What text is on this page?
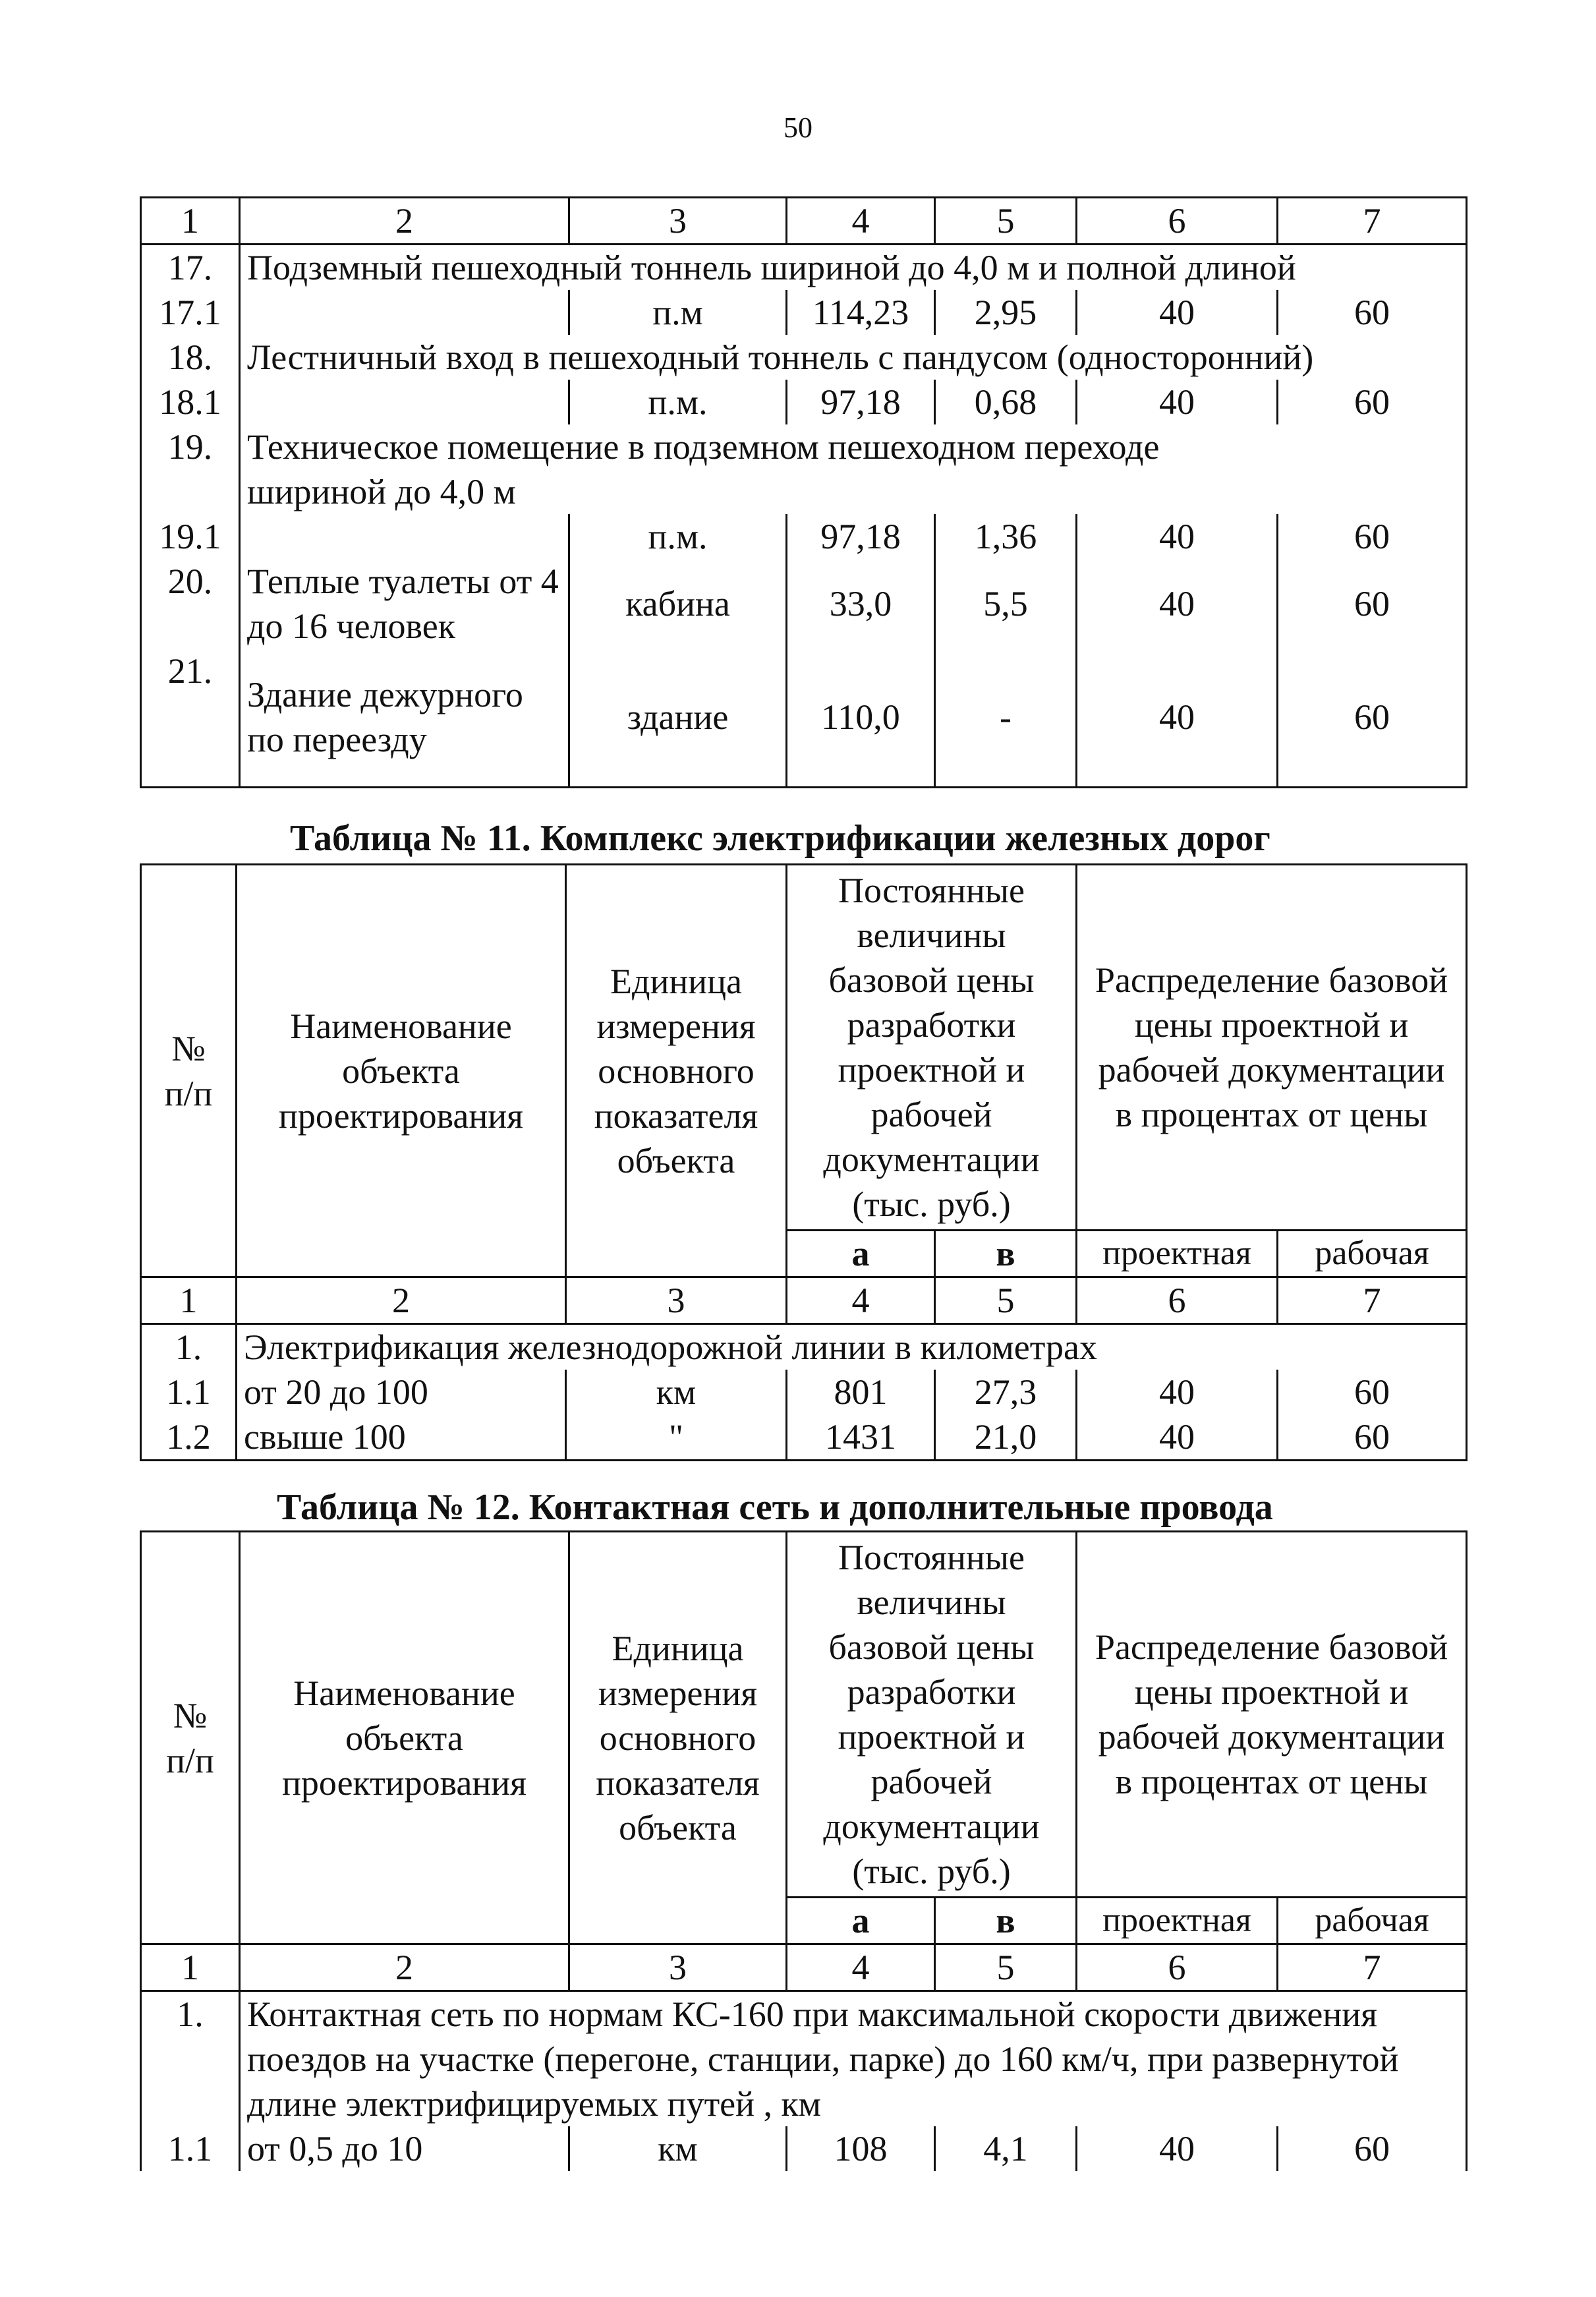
50
1	2	3	4	5	6	7
17.	Подземный пешеходный тоннель шириной до 4,0 м и полной длиной					
17.1		п.м	114,23	2,95	40	60
18.	Лестничный вход в пешеходный тоннель с пандусом (односторонний)					
18.1		п.м.	97,18	0,68	40	60
19.	Техническое помещение в подземном пешеходном переходе шириной до 4,0 м					
19.1		п.м.	97,18	1,36	40	60
20.	Теплые туалеты от 4 до 16 человек	кабина	33,0	5,5	40	60
21.	Здание дежурного по переезду	здание	110,0	-	40	60
Таблица № 11. Комплекс электрификации железных дорог
№ п/п	Наименование объекта проектирования	Единица измерения основного показателя объекта	Постоянные величины базовой цены разработки проектной и рабочей документации (тыс. руб.)		Распределение базовой цены проектной и рабочей документации в процентах от цены	
			а	в	проектная	рабочая
1	2	3	4	5	6	7
1.	Электрификация железнодорожной линии в километрах					
1.1	от 20 до 100	км	801	27,3	40	60
1.2	свыше 100	"	1431	21,0	40	60
Таблица № 12. Контактная сеть и дополнительные провода
№ п/п	Наименование объекта проектирования	Единица измерения основного показателя объекта	Постоянные величины базовой цены разработки проектной и рабочей документации (тыс. руб.)		Распределение базовой цены проектной и рабочей документации в процентах от цены	
			а	в	проектная	рабочая
1	2	3	4	5	6	7
1.	Контактная сеть по нормам КС-160 при максимальной скорости движения поездов на участке (перегоне, станции, парке) до 160 км/ч, при развернутой длине электрифицируемых путей , км					
1.1	от 0,5 до 10	км	108	4,1	40	60
